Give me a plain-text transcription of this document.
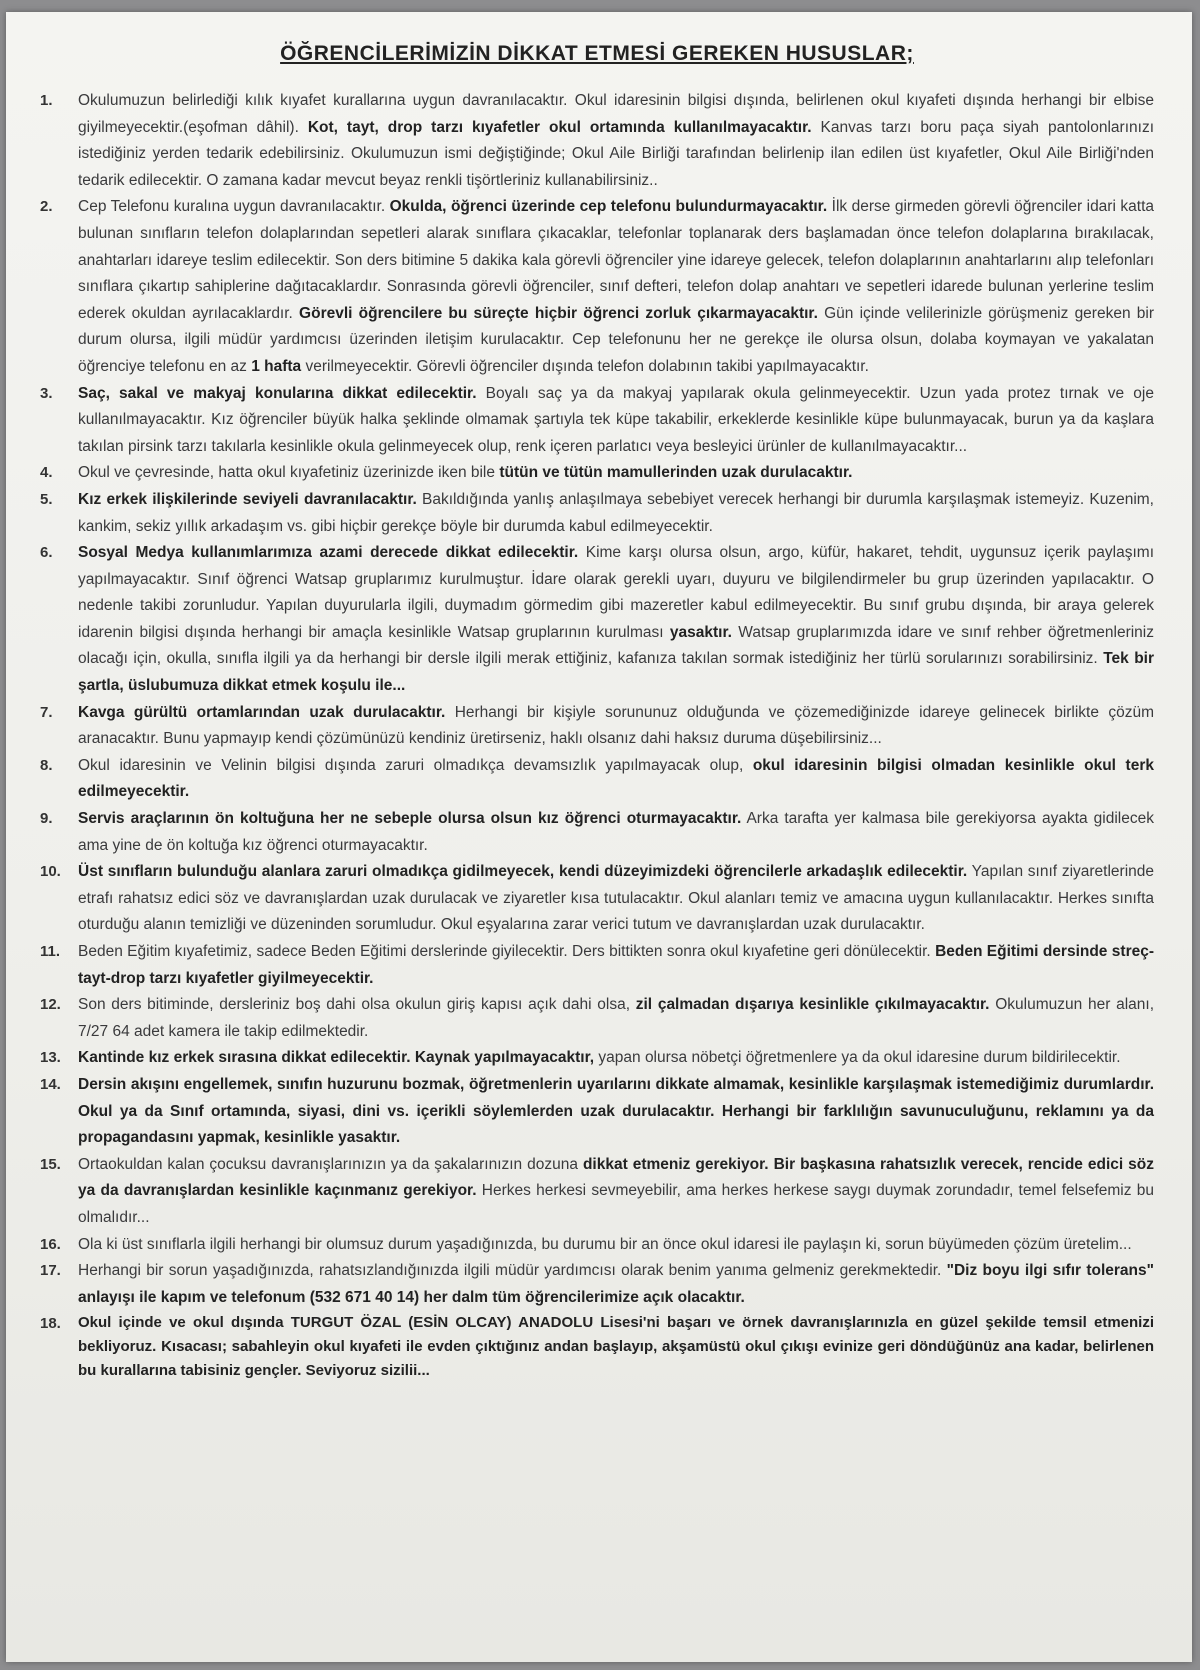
ÖĞRENCİLERİMİZİN DİKKAT ETMESİ GEREKEN HUSUSLAR;
1.	Okulumuzun belirlediği kılık kıyafet kurallarına uygun davranılacaktır. Okul idaresinin bilgisi dışında, belirlenen okul kıyafeti dışında herhangi bir elbise giyilmeyecektir.(eşofman dâhil). Kot, tayt, drop tarzı kıyafetler okul ortamında kullanılmayacaktır. Kanvas tarzı boru paça siyah pantolonlarınızı istediğiniz yerden tedarik edebilirsiniz. Okulumuzun ismi değiştiğinde; Okul Aile Birliği tarafından belirlenip ilan edilen üst kıyafetler, Okul Aile Birliği'nden tedarik edilecektir. O zamana kadar mevcut beyaz renkli tişörtleriniz kullanabilirsiniz..
2.	Cep Telefonu kuralına uygun davranılacaktır. Okulda, öğrenci üzerinde cep telefonu bulundurmayacaktır. İlk derse girmeden görevli öğrenciler idari katta bulunan sınıfların telefon dolaplarından sepetleri alarak sınıflara çıkacaklar, telefonlar toplanarak ders başlamadan önce telefon dolaplarına bırakılacak, anahtarları idareye teslim edilecektir. Son ders bitimine 5 dakika kala görevli öğrenciler yine idareye gelecek, telefon dolaplarının anahtarlarını alıp telefonları sınıflara çıkartıp sahiplerine dağıtacaklardır. Sonrasında görevli öğrenciler, sınıf defteri, telefon dolap anahtarı ve sepetleri idarede bulunan yerlerine teslim ederek okuldan ayrılacaklardır. Görevli öğrencilere bu süreçte hiçbir öğrenci zorluk çıkarmayacaktır. Gün içinde velilerinizle görüşmeniz gereken bir durum olursa, ilgili müdür yardımcısı üzerinden iletişim kurulacaktır. Cep telefonunu her ne gerekçe ile olursa olsun, dolaba koymayan ve yakalatan öğrenciye telefonu en az 1 hafta verilmeyecektir. Görevli öğrenciler dışında telefon dolabının takibi yapılmayacaktır.
3.	Saç, sakal ve makyaj konularına dikkat edilecektir. Boyalı saç ya da makyaj yapılarak okula gelinmeyecektir. Uzun yada protez tırnak ve oje kullanılmayacaktır. Kız öğrenciler büyük halka şeklinde olmamak şartıyla tek küpe takabilir, erkeklerde kesinlikle küpe bulunmayacak, burun ya da kaşlara takılan pirsink tarzı takılarla kesinlikle okula gelinmeyecek olup, renk içeren parlatıcı veya besleyici ürünler de kullanılmayacaktır...
4.	Okul ve çevresinde, hatta okul kıyafetiniz üzerinizde iken bile tütün ve tütün mamullerinden uzak durulacaktır.
5.	Kız erkek ilişkilerinde seviyeli davranılacaktır. Bakıldığında yanlış anlaşılmaya sebebiyet verecek herhangi bir durumla karşılaşmak istemeyiz. Kuzenim, kankim, sekiz yıllık arkadaşım vs. gibi hiçbir gerekçe böyle bir durumda kabul edilmeyecektir.
6.	Sosyal Medya kullanımlarımıza azami derecede dikkat edilecektir. Kime karşı olursa olsun, argo, küfür, hakaret, tehdit, uygunsuz içerik paylaşımı yapılmayacaktır. Sınıf öğrenci Watsap gruplarımız kurulmuştur. İdare olarak gerekli uyarı, duyuru ve bilgilendirmeler bu grup üzerinden yapılacaktır. O nedenle takibi zorunludur. Yapılan duyurularla ilgili, duymadım görmedim gibi mazeretler kabul edilmeyecektir. Bu sınıf grubu dışında, bir araya gelerek idarenin bilgisi dışında herhangi bir amaçla kesinlikle Watsap gruplarının kurulması yasaktır. Watsap gruplarımızda idare ve sınıf rehber öğretmenleriniz olacağı için, okulla, sınıfla ilgili ya da herhangi bir dersle ilgili merak ettiğiniz, kafanıza takılan sormak istediğiniz her türlü sorularınızı sorabilirsiniz. Tek bir şartla, üslubumuza dikkat etmek koşulu ile...
7.	Kavga gürültü ortamlarından uzak durulacaktır. Herhangi bir kişiyle sorununuz olduğunda ve çözemediğinizde idareye gelinecek birlikte çözüm aranacaktır. Bunu yapmayıp kendi çözümünüzü kendiniz üretirseniz, haklı olsanız dahi haksız duruma düşebilirsiniz...
8.	Okul idaresinin ve Velinin bilgisi dışında zaruri olmadıkça devamsızlık yapılmayacak olup, okul idaresinin bilgisi olmadan kesinlikle okul terk edilmeyecektir.
9.	Servis araçlarının ön koltuğuna her ne sebeple olursa olsun kız öğrenci oturmayacaktır. Arka tarafta yer kalmasa bile gerekiyorsa ayakta gidilecek ama yine de ön koltuğa kız öğrenci oturmayacaktır.
10.	Üst sınıfların bulunduğu alanlara zaruri olmadıkça gidilmeyecek, kendi düzeyimizdeki öğrencilerle arkadaşlık edilecektir. Yapılan sınıf ziyaretlerinde etrafı rahatsız edici söz ve davranışlardan uzak durulacak ve ziyaretler kısa tutulacaktır. Okul alanları temiz ve amacına uygun kullanılacaktır. Herkes sınıfta oturduğu alanın temizliği ve düzeninden sorumludur. Okul eşyalarına zarar verici tutum ve davranışlardan uzak durulacaktır.
11.	Beden Eğitim kıyafetimiz, sadece Beden Eğitimi derslerinde giyilecektir. Ders bittikten sonra okul kıyafetine geri dönülecektir. Beden Eğitimi dersinde streç-tayt-drop tarzı kıyafetler giyilmeyecektir.
12.	Son ders bitiminde, dersleriniz boş dahi olsa okulun giriş kapısı açık dahi olsa, zil çalmadan dışarıya kesinlikle çıkılmayacaktır. Okulumuzun her alanı, 7/27 64 adet kamera ile takip edilmektedir.
13.	Kantinde kız erkek sırasına dikkat edilecektir. Kaynak yapılmayacaktır, yapan olursa nöbetçi öğretmenlere ya da okul idaresine durum bildirilecektir.
14.	Dersin akışını engellemek, sınıfın huzurunu bozmak, öğretmenlerin uyarılarını dikkate almamak, kesinlikle karşılaşmak istemediğimiz durumlardır. Okul ya da Sınıf ortamında, siyasi, dini vs. içerikli söylemlerden uzak durulacaktır. Herhangi bir farklılığın savunuculuğunu, reklamını ya da propagandasını yapmak, kesinlikle yasaktır.
15.	Ortaokuldan kalan çocuksu davranışlarınızın ya da şakalarınızın dozuna dikkat etmeniz gerekiyor. Bir başkasına rahatsızlık verecek, rencide edici söz ya da davranışlardan kesinlikle kaçınmanız gerekiyor. Herkes herkesi sevmeyebilir, ama herkes herkese saygı duymak zorundadır, temel felsefemiz bu olmalıdır...
16.	Ola ki üst sınıflarla ilgili herhangi bir olumsuz durum yaşadığınızda, bu durumu bir an önce okul idaresi ile paylaşın ki, sorun büyümeden çözüm üretelim...
17.	Herhangi bir sorun yaşadığınızda, rahatsızlandığınızda ilgili müdür yardımcısı olarak benim yanıma gelmeniz gerekmektedir. "Diz boyu ilgi sıfır tolerans" anlayışı ile kapım ve telefonum (532 671 40 14) her dalm tüm öğrencilerimize açık olacaktır.
18.	Okul içinde ve okul dışında TURGUT ÖZAL (ESİN OLCAY) ANADOLU Lisesi'ni başarı ve örnek davranışlarınızla en güzel şekilde temsil etmenizi bekliyoruz. Kısacası; sabahleyin okul kıyafeti ile evden çıktığınız andan başlayıp, akşamüstü okul çıkışı evinize geri döndüğünüz ana kadar, belirlenen bu kurallarına tabisiniz gençler. Seviyoruz sizilii...
